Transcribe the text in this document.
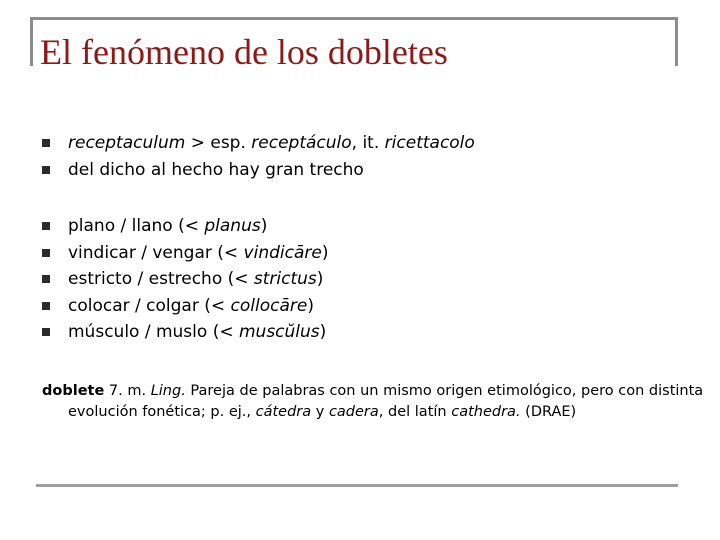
El fenómeno de los dobletes
receptaculum > esp. receptáculo, it. ricettacolo
del dicho al hecho hay gran trecho
plano / llano (< planus)
vindicar / vengar (< vindicāre)
estricto / estrecho (< strictus)
colocar / colgar (< collocāre)
músculo / muslo (< muscŭlus)

doblete 7. m. Ling. Pareja de palabras con un mismo origen etimológico, pero con distinta evolución fonética; p. ej., cátedra y cadera, del latín cathedra. (DRAE)
